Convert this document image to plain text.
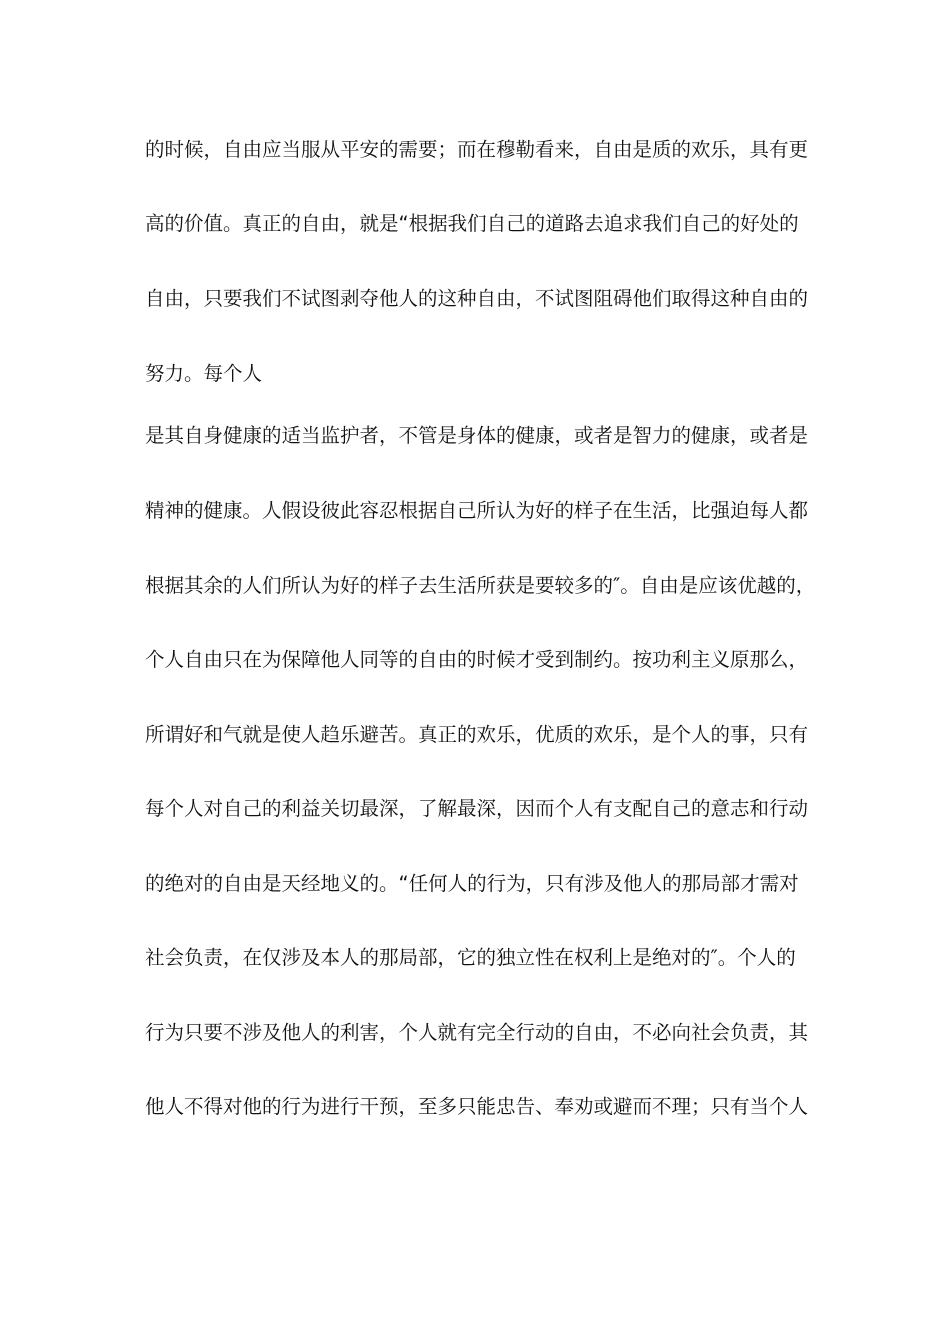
的时候，自由应当服从平安的需要；而在穆勒看来，自由是质的欢乐，具有更
高的价值。真正的自由，就是“根据我们自己的道路去追求我们自己的好处的
自由，只要我们不试图剥夺他人的这种自由，不试图阻碍他们取得这种自由的
努力。每个人
是其自身健康的适当监护者，不管是身体的健康，或者是智力的健康，或者是
精神的健康。人假设彼此容忍根据自己所认为好的样子在生活，比强迫每人都
根据其余的人们所认为好的样子去生活所获是要较多的″。自由是应该优越的，
个人自由只在为保障他人同等的自由的时候才受到制约。按功利主义原那么，
所谓好和气就是使人趋乐避苦。真正的欢乐，优质的欢乐，是个人的事，只有
每个人对自己的利益关切最深，了解最深，因而个人有支配自己的意志和行动
的绝对的自由是天经地义的。“任何人的行为，只有涉及他人的那局部才需对
社会负责，在仅涉及本人的那局部，它的独立性在权利上是绝对的″。个人的
行为只要不涉及他人的利害，个人就有完全行动的自由，不必向社会负责，其
他人不得对他的行为进行干预，至多只能忠告、奉劝或避而不理；只有当个人
